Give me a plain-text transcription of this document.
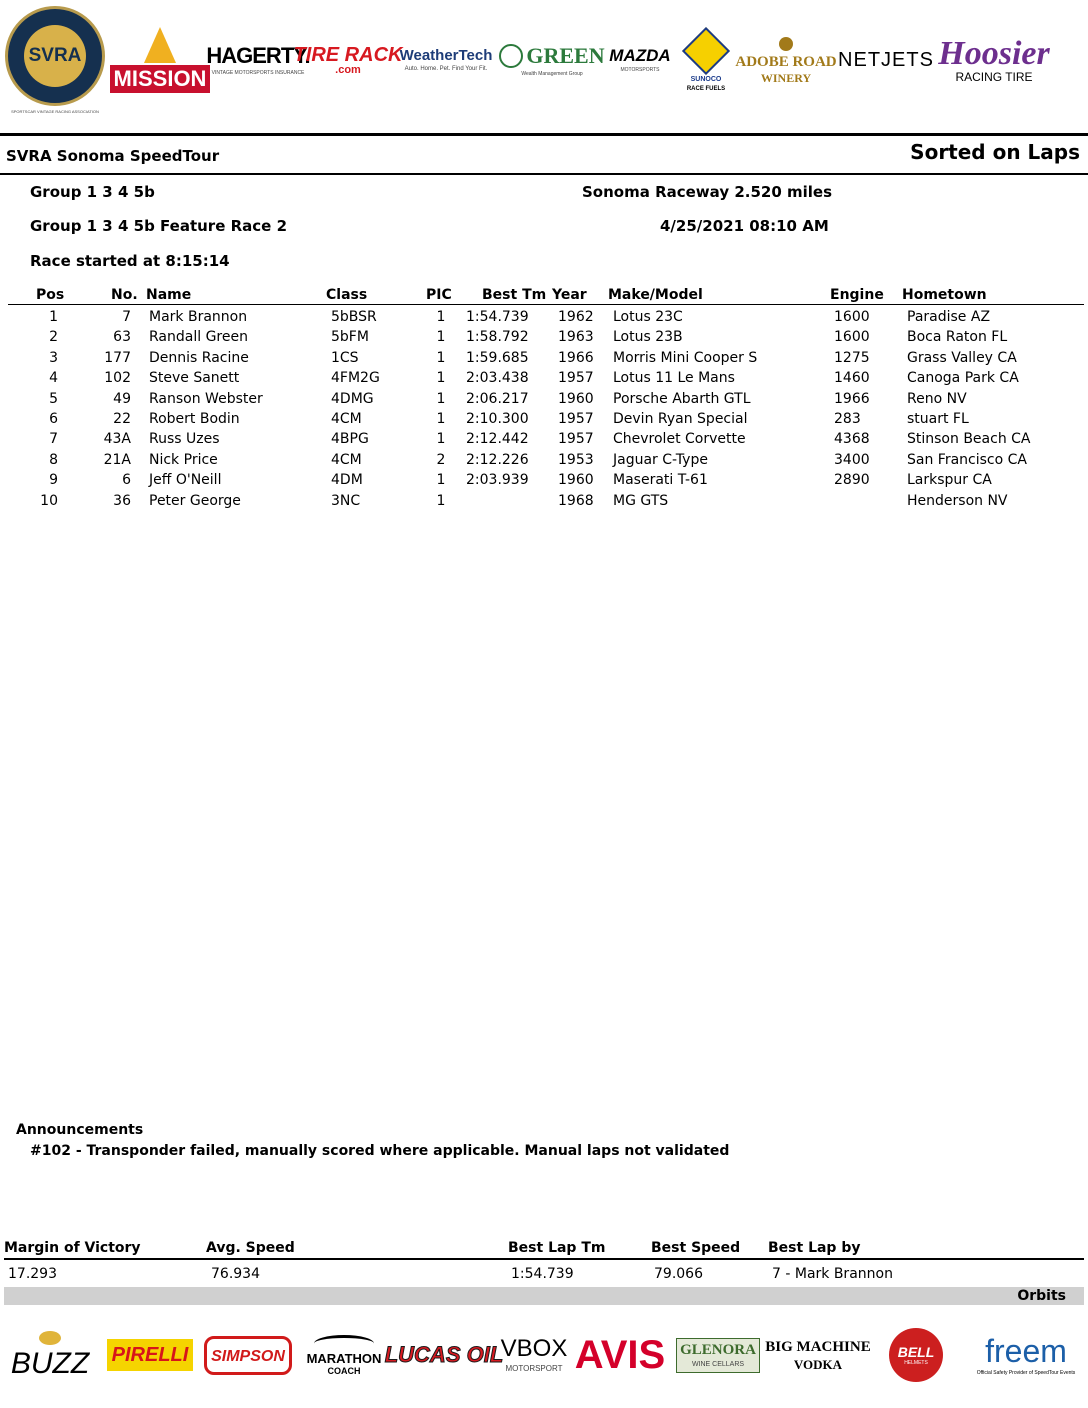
SVRA
SPORTSCAR VINTAGE RACING ASSOCIATION
MISSION
HAGERTY.
VINTAGE MOTORSPORTS INSURANCE
TIRE RACK
.com
WeatherTech
Auto. Home. Pet. Find Your Fit.
GREEN
Wealth Management Group
MAZDA
MOTORSPORTS
SUNOCO
RACE FUELS
ADOBE ROAD
WINERY
NETJETS Hoosier
RACING TIRE
SVRA Sonoma SpeedTour	Sorted on Laps
Group 1 3 4 5b	Sonoma Raceway 2.520 miles
Group 1 3 4 5b Feature Race 2	4/25/2021 08:10 AM
Race started at 8:15:14
Pos	No. Name	Class	PIC Best Tm Year Make/Model	Engine Hometown
1	7 Mark Brannon	5bBSR	1	1:54.739 1962 Lotus 23C	1600	Paradise AZ
2	63 Randall Green	5bFM	1	1:58.792 1963 Lotus 23B	1600	Boca Raton FL
3	177 Dennis Racine	1CS	1	1:59.685 1966 Morris Mini Cooper S	1275	Grass Valley CA
4	102 Steve Sanett	4FM2G	1	2:03.438 1957 Lotus 11 Le Mans	1460	Canoga Park CA
5	49 Ranson Webster	4DMG	1	2:06.217 1960 Porsche Abarth GTL	1966	Reno NV
6	22 Robert Bodin	4CM	1	2:10.300 1957 Devin Ryan Special	283	stuart FL
7	43A Russ Uzes	4BPG	1	2:12.442 1957 Chevrolet Corvette	4368	Stinson Beach CA
8	21A Nick Price	4CM	2	2:12.226 1953 Jaguar C-Type	3400	San Francisco CA
9	6 Jeff O'Neill	4DM	1	2:03.939 1960 Maserati T-61	2890	Larkspur CA
10	36 Peter George	3NC	1	1968 MG GTS	Henderson NV
Announcements
#102 - Transponder failed, manually scored where applicable. Manual laps not validated
Margin of Victory	Avg. Speed	Best Lap Tm	Best Speed Best Lap by
17.293	76.934	1:54.739	79.066	7 - Mark Brannon
Orbits
BUZZ PIRELLI	SIMPSON	MARATHON
COACH
LUCAS OIL
VBOX
MOTORSPORT AVIS GLENORA
WINE CELLARS
BIG MACHINE
VODKA
BELL
HELMETS freem
Official Safety Provider of SpeedTour Events
